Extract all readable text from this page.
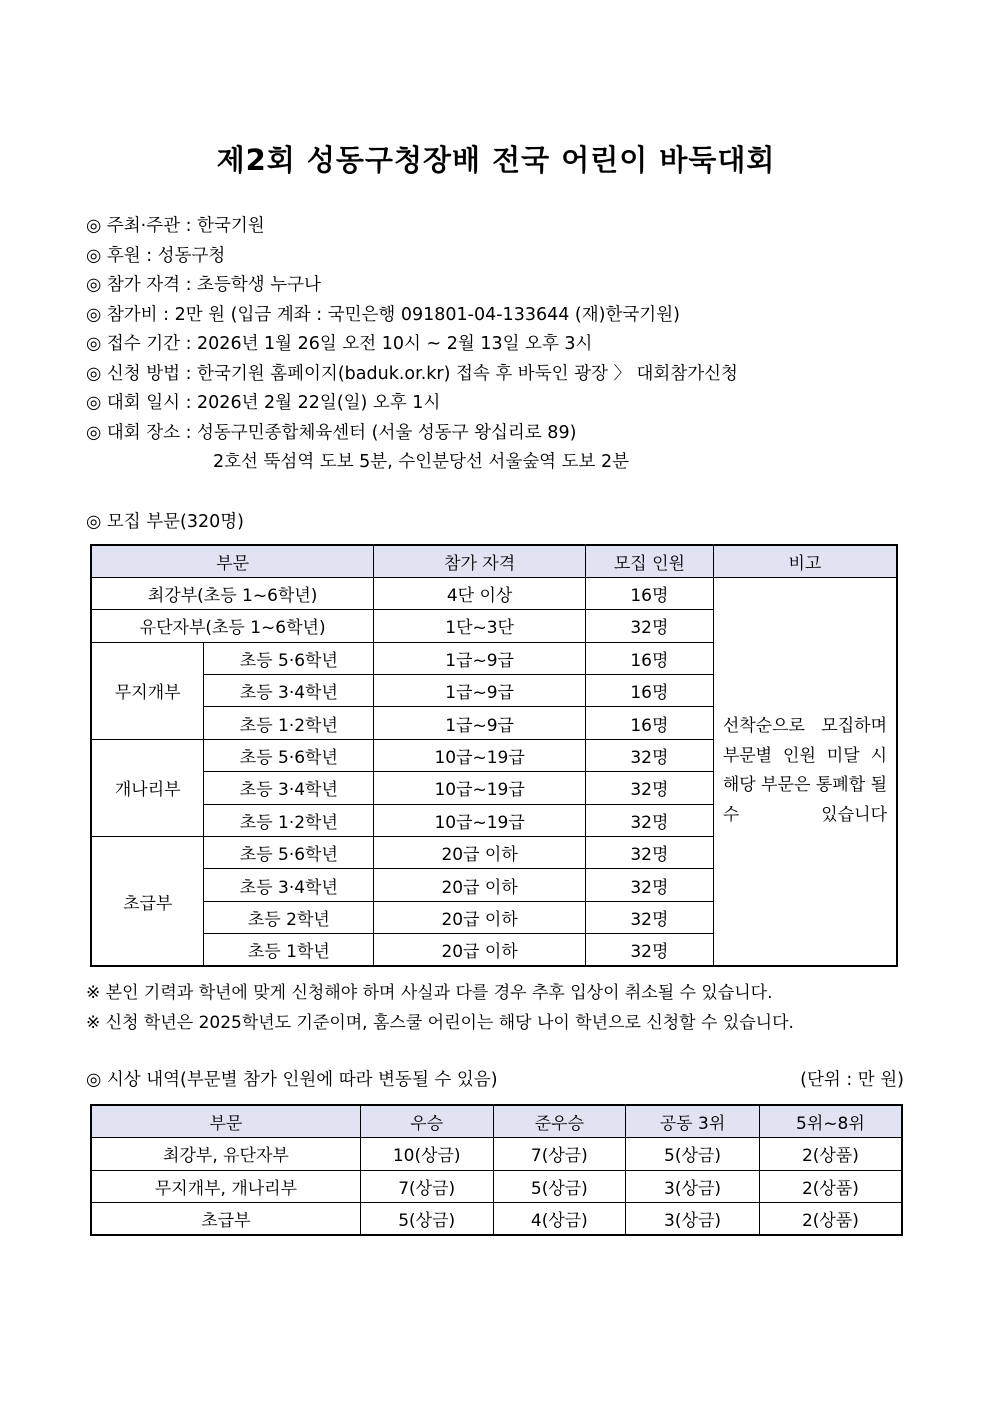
제2회 성동구청장배 전국 어린이 바둑대회
◎ 주최·주관 : 한국기원
◎ 후원 : 성동구청
◎ 참가 자격 : 초등학생 누구나
◎ 참가비 : 2만 원 (입금 계좌 : 국민은행 091801-04-133644 (재)한국기원)
◎ 접수 기간 : 2026년 1월 26일 오전 10시 ~ 2월 13일 오후 3시
◎ 신청 방법 : 한국기원 홈페이지(baduk.or.kr) 접속 후 바둑인 광장 〉 대회참가신청
◎ 대회 일시 : 2026년 2월 22일(일) 오후 1시
◎ 대회 장소 : 성동구민종합체육센터 (서울 성동구 왕십리로 89)
2호선 뚝섬역 도보 5분, 수인분당선 서울숲역 도보 2분
◎ 모집 부문(320명)
부문		참가 자격	모집 인원	비고
최강부(초등 1~6학년)		4단 이상	16명	선착순으로 모집하며 부문별 인원 미달 시 해당 부문은 통폐합 될 수 있습니다
유단자부(초등 1~6학년)		1단~3단	32명	
무지개부	초등 5·6학년	1급~9급	16명	
	초등 3·4학년	1급~9급	16명	
	초등 1·2학년	1급~9급	16명	
개나리부	초등 5·6학년	10급~19급	32명	
	초등 3·4학년	10급~19급	32명	
	초등 1·2학년	10급~19급	32명	
초급부	초등 5·6학년	20급 이하	32명	
	초등 3·4학년	20급 이하	32명	
	초등 2학년	20급 이하	32명	
	초등 1학년	20급 이하	32명	
※ 본인 기력과 학년에 맞게 신청해야 하며 사실과 다를 경우 추후 입상이 취소될 수 있습니다.
※ 신청 학년은 2025학년도 기준이며, 홈스쿨 어린이는 해당 나이 학년으로 신청할 수 있습니다.
◎ 시상 내역(부문별 참가 인원에 따라 변동될 수 있음)	(단위 : 만 원)
부문	우승	준우승	공동 3위	5위~8위
최강부, 유단자부	10(상금)	7(상금)	5(상금)	2(상품)
무지개부, 개나리부	7(상금)	5(상금)	3(상금)	2(상품)
초급부	5(상금)	4(상금)	3(상금)	2(상품)
